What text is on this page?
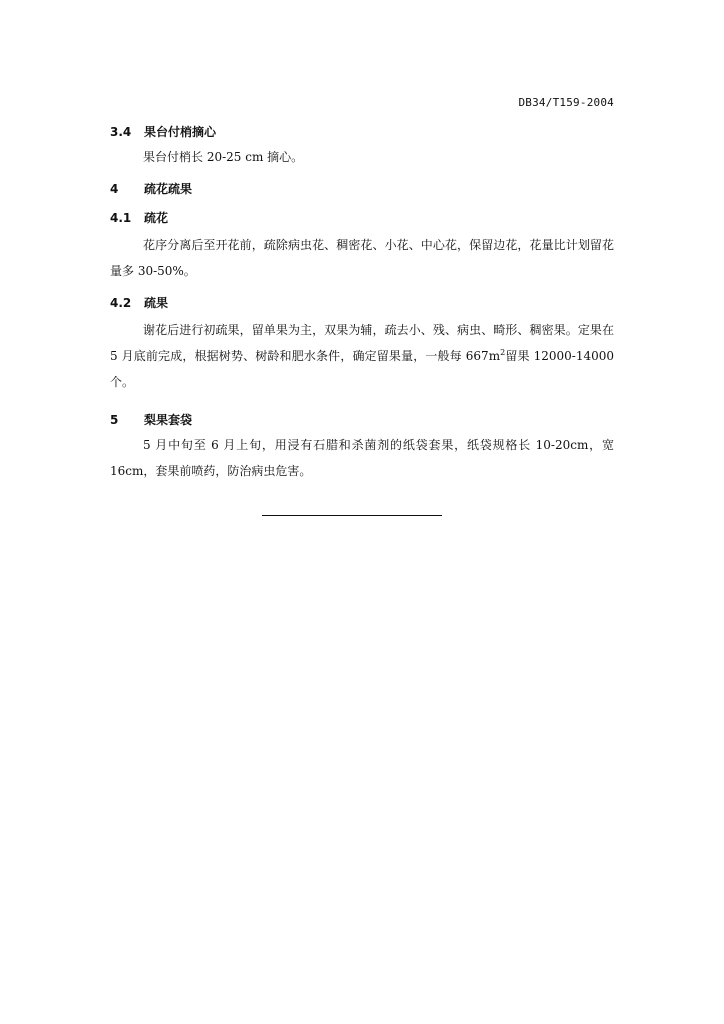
DB34/T159-2004
3.4 果台付梢摘心

果台付梢长 20-25 cm 摘心。

4 疏花疏果
4.1 疏花

花序分离后至开花前，疏除病虫花、稠密花、小花、中心花，保留边花，花量比计划留花量多 30-50%。

4.2 疏果

谢花后进行初疏果，留单果为主，双果为辅，疏去小、残、病虫、畸形、稠密果。定果在 5 月底前完成，根据树势、树龄和肥水条件，确定留果量，一般每 $667m^2$留果 12000-14000 个。

5 梨果套袋

5 月中旬至 6 月上旬，用浸有石腊和杀菌剂的纸袋套果，纸袋规格长 10-20cm，宽 16cm，套果前喷药，防治病虫危害。
